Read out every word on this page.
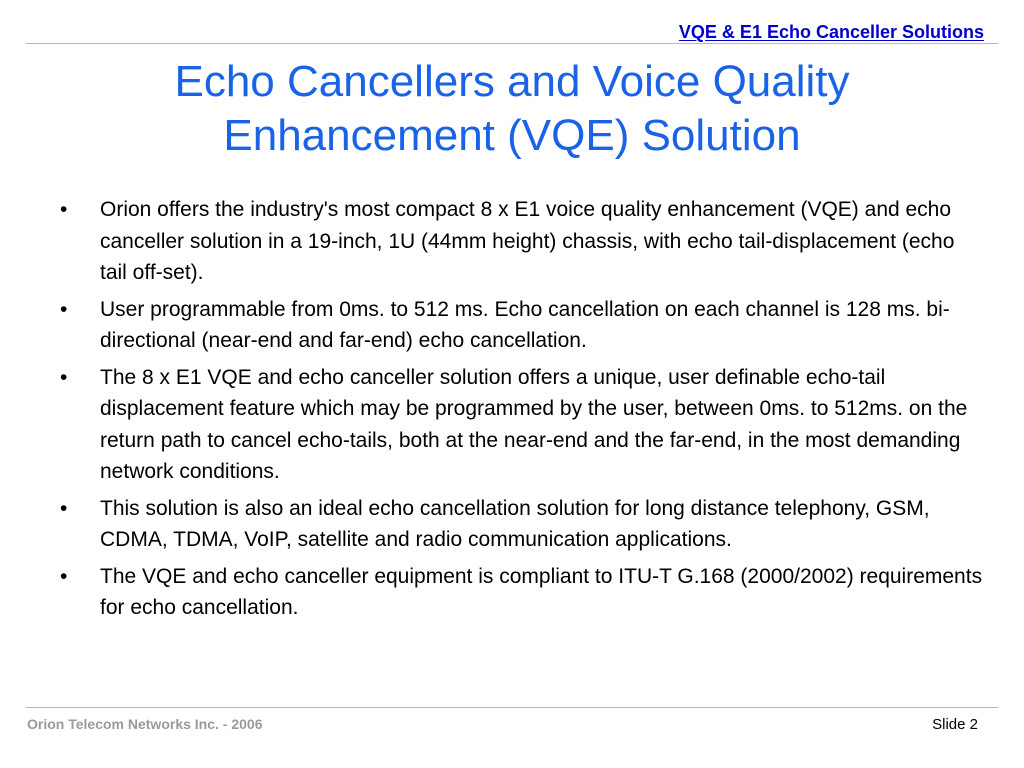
VQE & E1 Echo Canceller Solutions
Echo Cancellers and Voice Quality Enhancement (VQE) Solution
• Orion offers the industry's most compact 8 x E1 voice quality enhancement (VQE) and echo canceller solution in a 19-inch, 1U (44mm height) chassis, with echo tail-displacement (echo tail off-set).
• User programmable from 0ms. to 512 ms. Echo cancellation on each channel is 128 ms. bi-directional (near-end and far-end) echo cancellation.
• The 8 x E1 VQE and echo canceller solution offers a unique, user definable echo-tail displacement feature which may be programmed by the user, between 0ms. to 512ms. on the return path to cancel echo-tails, both at the near-end and the far-end, in the most demanding network conditions.
• This solution is also an ideal echo cancellation solution for long distance telephony, GSM, CDMA, TDMA, VoIP, satellite and radio communication applications.
• The VQE and echo canceller equipment is compliant to ITU-T G.168 (2000/2002) requirements for echo cancellation.
Orion Telecom Networks Inc. - 2006	Slide 2
